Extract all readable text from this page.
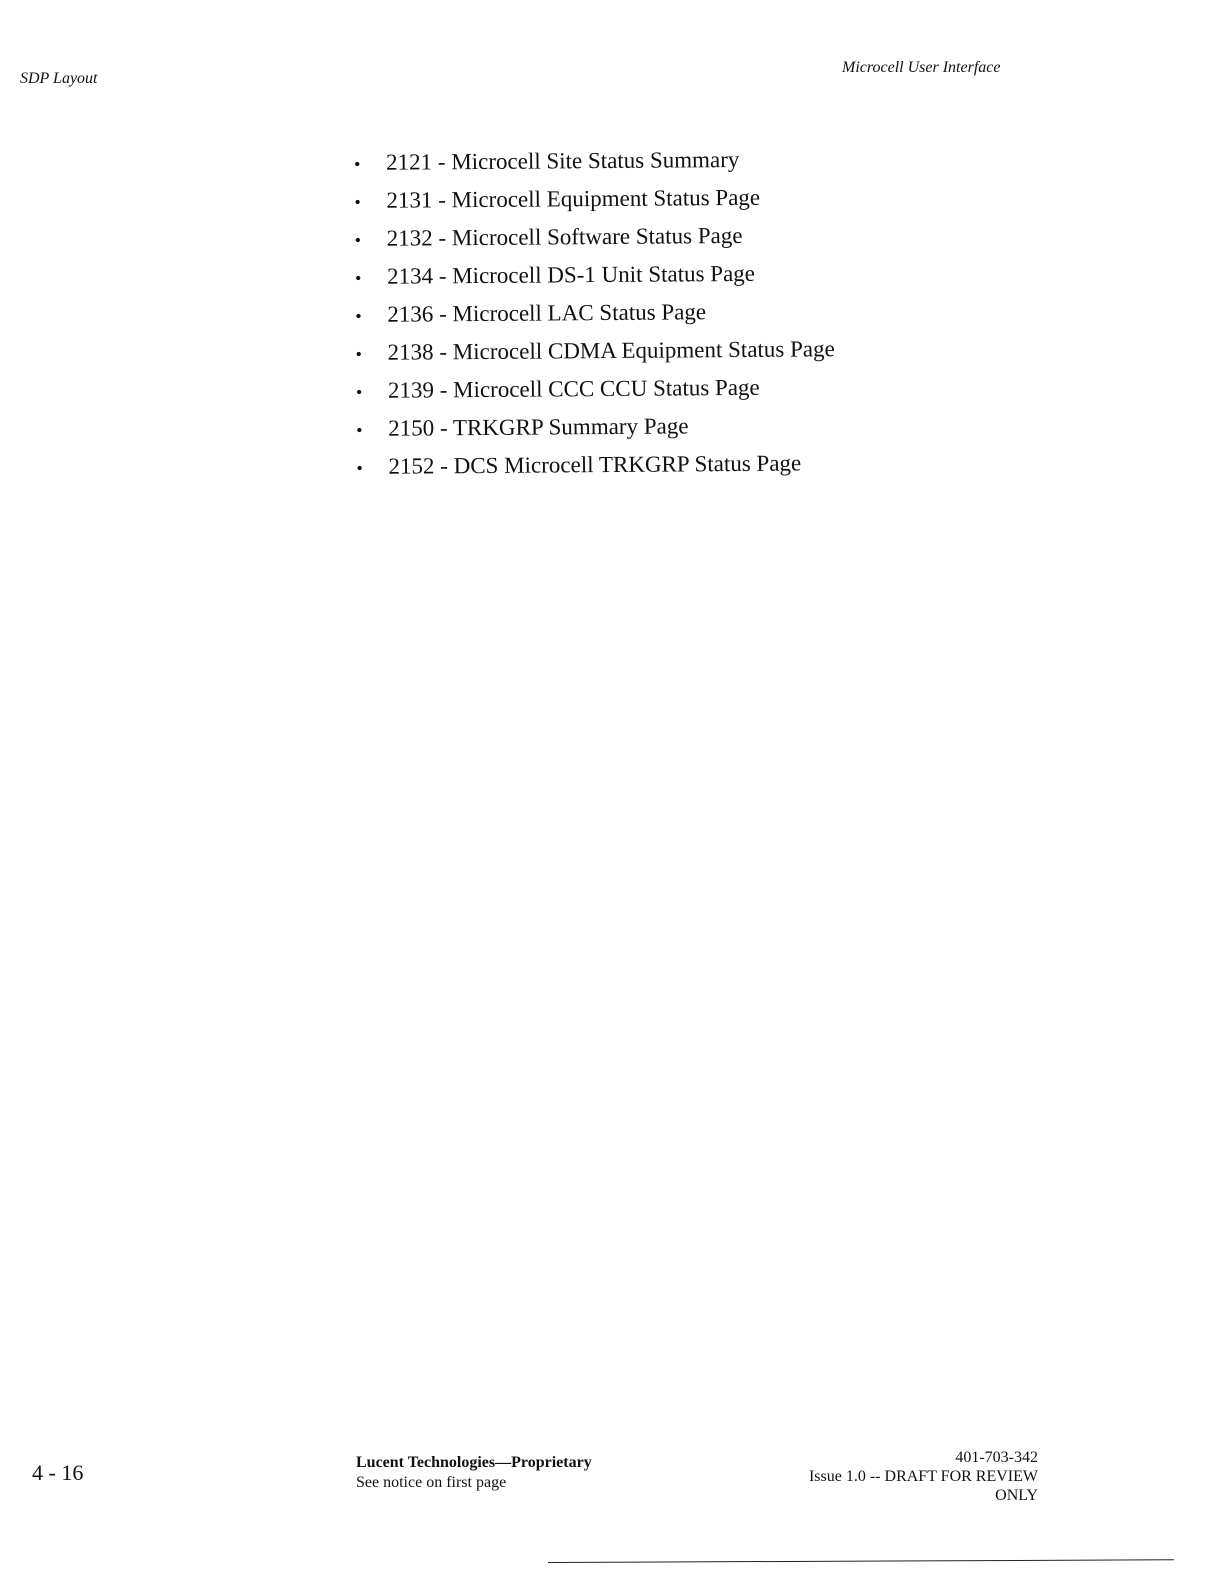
SDP Layout
Microcell User Interface
•	2121 - Microcell Site Status Summary
•	2131 - Microcell Equipment Status Page
•	2132 - Microcell Software Status Page
•	2134 - Microcell DS-1 Unit Status Page
•	2136 - Microcell LAC Status Page
•	2138 - Microcell CDMA Equipment Status Page
•	2139 - Microcell CCC CCU Status Page
•	2150 - TRKGRP Summary Page
•	2152 - DCS Microcell TRKGRP Status Page
4 - 16	Lucent Technologies—Proprietary
See notice on first page
401-703-342
Issue 1.0 -- DRAFT FOR REVIEW
ONLY
